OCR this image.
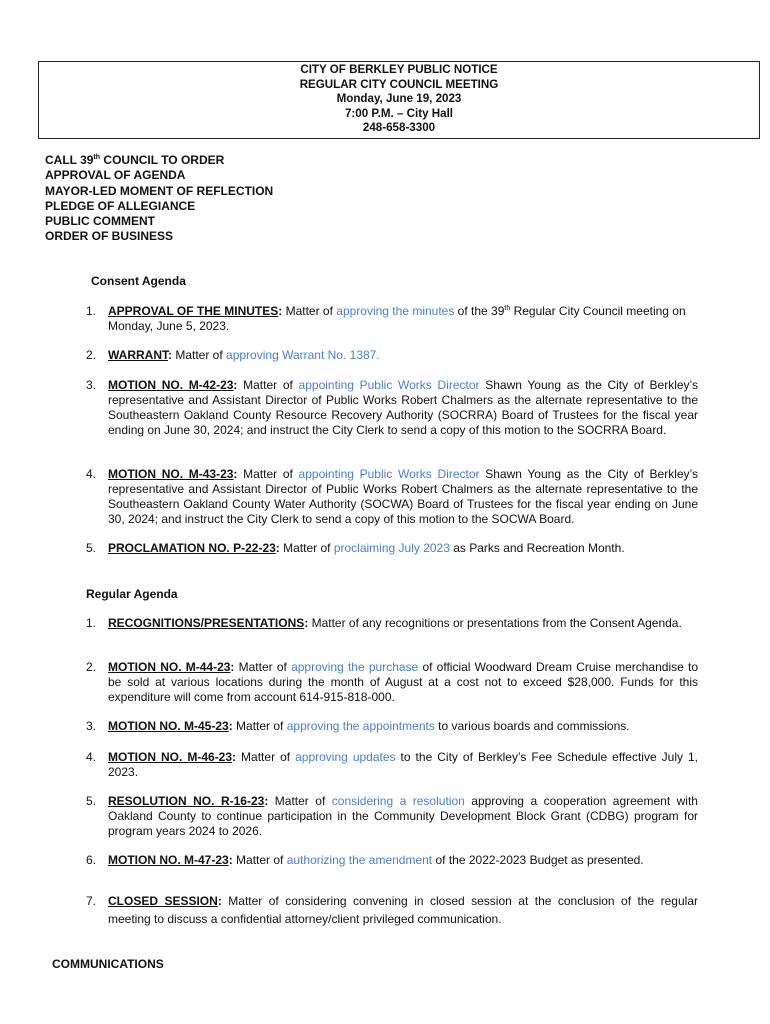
CITY OF BERKLEY PUBLIC NOTICE
REGULAR CITY COUNCIL MEETING
Monday, June 19, 2023
7:00 P.M. – City Hall
248-658-3300
CALL 39th COUNCIL TO ORDER
APPROVAL OF AGENDA
MAYOR-LED MOMENT OF REFLECTION
PLEDGE OF ALLEGIANCE
PUBLIC COMMENT
ORDER OF BUSINESS
Consent Agenda
1. APPROVAL OF THE MINUTES: Matter of approving the minutes of the 39th Regular City Council meeting on Monday, June 5, 2023.
2. WARRANT: Matter of approving Warrant No. 1387.
3. MOTION NO. M-42-23: Matter of appointing Public Works Director Shawn Young as the City of Berkley’s representative and Assistant Director of Public Works Robert Chalmers as the alternate representative to the Southeastern Oakland County Resource Recovery Authority (SOCRRA) Board of Trustees for the fiscal year ending on June 30, 2024; and instruct the City Clerk to send a copy of this motion to the SOCRRA Board.
4. MOTION NO. M-43-23: Matter of appointing Public Works Director Shawn Young as the City of Berkley’s representative and Assistant Director of Public Works Robert Chalmers as the alternate representative to the Southeastern Oakland County Water Authority (SOCWA) Board of Trustees for the fiscal year ending on June 30, 2024; and instruct the City Clerk to send a copy of this motion to the SOCWA Board.
5. PROCLAMATION NO. P-22-23: Matter of proclaiming July 2023 as Parks and Recreation Month.
Regular Agenda
1. RECOGNITIONS/PRESENTATIONS: Matter of any recognitions or presentations from the Consent Agenda.
2. MOTION NO. M-44-23: Matter of approving the purchase of official Woodward Dream Cruise merchandise to be sold at various locations during the month of August at a cost not to exceed $28,000. Funds for this expenditure will come from account 614-915-818-000.
3. MOTION NO. M-45-23: Matter of approving the appointments to various boards and commissions.
4. MOTION NO. M-46-23: Matter of approving updates to the City of Berkley’s Fee Schedule effective July 1, 2023.
5. RESOLUTION NO. R-16-23: Matter of considering a resolution approving a cooperation agreement with Oakland County to continue participation in the Community Development Block Grant (CDBG) program for program years 2024 to 2026.
6. MOTION NO. M-47-23: Matter of authorizing the amendment of the 2022-2023 Budget as presented.
7. CLOSED SESSION: Matter of considering convening in closed session at the conclusion of the regular meeting to discuss a confidential attorney/client privileged communication.
COMMUNICATIONS
